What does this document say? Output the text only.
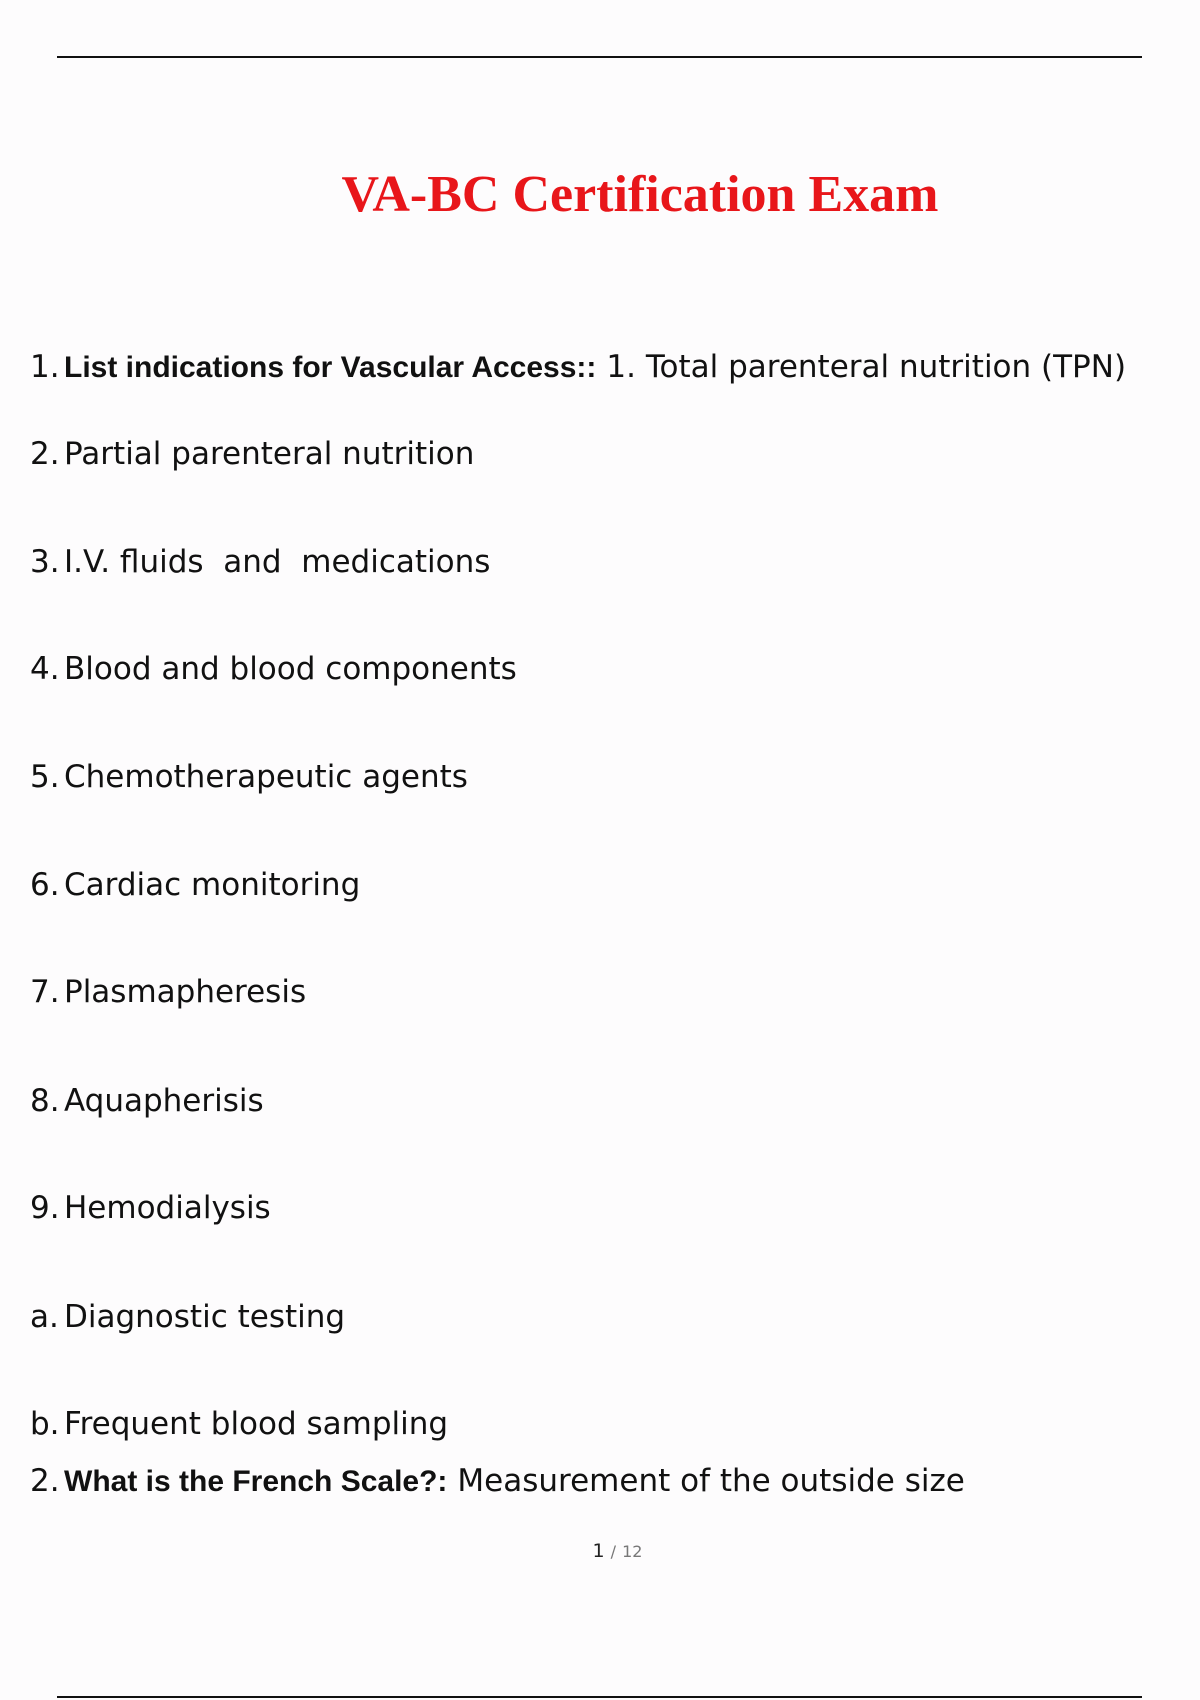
VA-BC Certification Exam
1. List indications for Vascular Access:: 1. Total parenteral nutrition (TPN)
2. Partial parenteral nutrition
3. I.V. fluids  and  medications
4. Blood and blood components
5. Chemotherapeutic agents
6. Cardiac monitoring
7. Plasmapheresis
8. Aquapherisis
9. Hemodialysis
a. Diagnostic testing
b. Frequent blood sampling
2. What is the French Scale?: Measurement of the outside size
1 / 12
